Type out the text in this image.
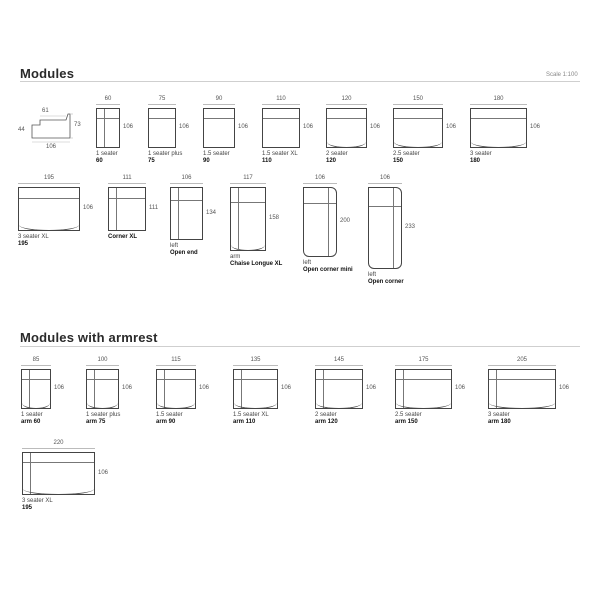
Modules	Scale 1:100
73
44
61
106
60
106
1 seater
60
75
106
1 seater plus
75
90
106
1.5 seater
90
110
106
1.5 seater XL
110
120
106
2 seater
120
150
106
2.5 seater
150
180
106
3 seater
180
195
106
3 seater XL
195
111
111
Corner XL
106
134
left
Open end
117
158
arm
Chaise Longue XL
106
200
left
Open corner mini
106
233
left
Open corner
Modules with armrest
85
106
1 seater
arm 60
100
106
1 seater plus
arm 75
115
106
1.5 seater
arm 90
135
106
1.5 seater XL
arm 110
145
106
2 seater
arm 120
175
106
2.5 seater
arm 150
205
106
3 seater
arm 180
220
106
3 seater XL
195
